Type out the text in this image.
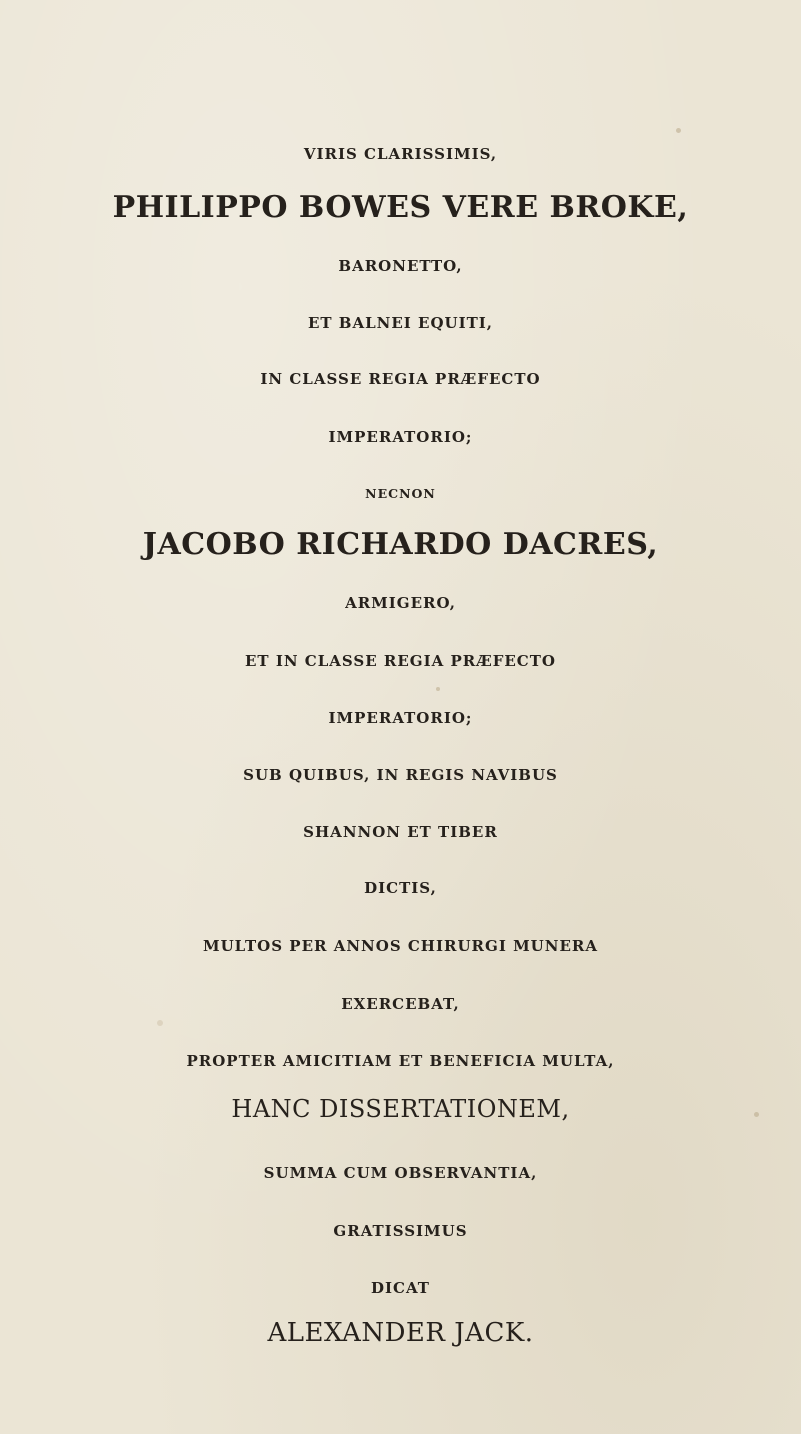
VIRIS CLARISSIMIS,
PHILIPPO BOWES VERE BROKE,
BARONETTO,
ET BALNEI EQUITI,
IN CLASSE REGIA PRÆFECTO
IMPERATORIO;
NECNON
JACOBO RICHARDO DACRES,
ARMIGERO,
ET IN CLASSE REGIA PRÆFECTO
IMPERATORIO;
SUB QUIBUS, IN REGIS NAVIBUS
SHANNON ET TIBER
DICTIS,
MULTOS PER ANNOS CHIRURGI MUNERA
EXERCEBAT,
PROPTER AMICITIAM ET BENEFICIA MULTA,
HANC DISSERTATIONEM,
SUMMA CUM OBSERVANTIA,
GRATISSIMUS
DICAT
ALEXANDER JACK.
